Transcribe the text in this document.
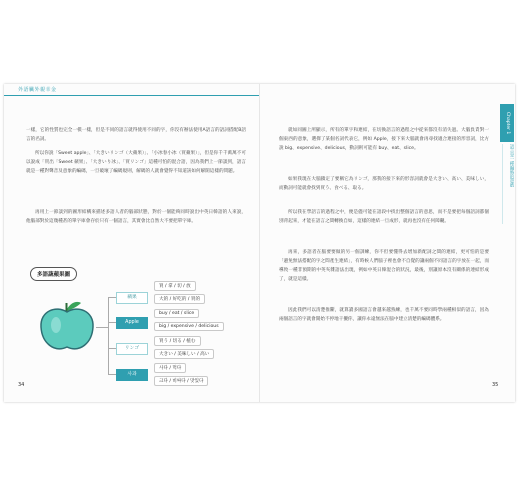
外語臟外親幸金
一樣，它的性質也完全一模一樣，但是不同的語言就得使用不同的字，你沒有辦法使用A語言的語詞搭配B語言的名詞。
所以你說「Sweet apple」、「大きいリンゴ（大蘋果）」、「小冰春小冰（買蘋果）」，但是你千千萬萬不可以說成「買出「Sweet 蘋果」、「大きいり冰」、「買リンゴ」這種可怕的混合語，因為我們上一節談到，語言就是一種對聲音及意象的編碼，一旦破壞了編碼規則，解碼的人就會覺得不知道該如何解開這樣的問題。
再用上一節談到的圖形結構來描述多語人者的腦部狀態，對於一個能夠同時說出中英日韓語的人來說，他腦部對於這幾種甚的單字庫會存於只有一個語言，其實會比自然大不要把單字庫。
多語蔬蘋果圖
蘋果
Apple
リンゴ
사과
買 / 拿 / 切 / 放
大的 / 好吃的 / 買的
buy / eat / slice
big / expensive / delicious
買う / 切る / 植む
大きい / 美味しい / 高い
사다 / 먹다
크다 / 비싸다 / 맛있다
34
就如同圖上所顯示，所有的單字和連結，在切換語言的過程之中從來都沒有消失過。大腦負責對一個東西的意象，選擇了某個名詞代表它，例如 Apple，接下來大腦就會再尋找適合連接的形容詞，比方說 big、expensive、delicious，動詞則可能有 buy、eat、slice。
如果我現在大腦鎖定了要稱它為リンゴ，那我的接下來的形容詞就會是大きい、高い、美味しい，而動詞可能就會找到買う、食べる、取る。
所以我在學語言的過程之中，便是儘可能在語段中找出整個語言的意思，而不是要把每個語詞都個別背起來，才能在語言之間轉換自如，這樣的連結一旦成形，就再也沒有任何障礙。
再來，多語者在腦要要做的另一個訓練，你不但要懂得去增加新配詞之間的連結，更可怕的是要「避免無法搭配的字之間產生連結」，有時候人們腦子裡也會不自覺的讓兩個不同語言的字放在一起，而導致一種非預期的中英夾雜語法出現，例如中英日韓混合的狀況，最後，別讓原本沒有關係的連結形成了，就是這樣。
因此我們可以清楚推斷，就算讀多國語言會越來越熟練，也千萬不要同時學兩種相似的語言，因為兩個語言的字就會開始不停地干擾你，讓你永遠無法在腦中建立清楚的編碼體系。
Chapter 1
語言是一種編碼的遊戲
35
